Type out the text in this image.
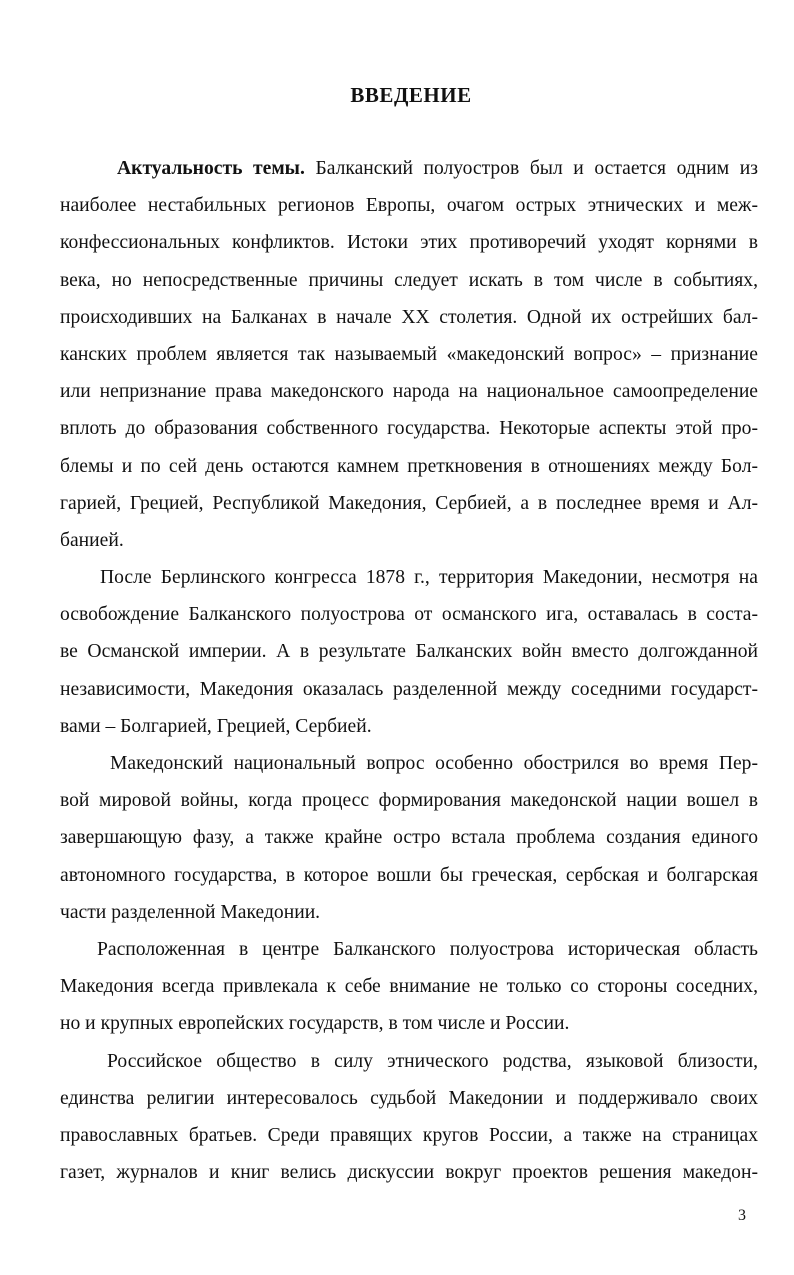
ВВЕДЕНИЕ
Актуальность темы. Балканский полуостров был и остается одним из
наиболее нестабильных регионов Европы, очагом острых этнических и меж-
конфессиональных конфликтов. Истоки этих противоречий уходят корнями в
века, но непосредственные причины следует искать в том числе в событиях,
происходивших на Балканах в начале XX столетия. Одной их острейших бал-
канских проблем является так называемый «македонский вопрос» – признание
или непризнание права македонского народа на национальное самоопределение
вплоть до образования собственного государства. Некоторые аспекты этой про-
блемы и по сей день остаются камнем преткновения в отношениях между Бол-
гарией, Грецией, Республикой Македония, Сербией, а в последнее время и Ал-
банией.
После Берлинского конгресса 1878 г., территория Македонии, несмотря на
освобождение Балканского полуострова от османского ига, оставалась в соста-
ве Османской империи. А в результате Балканских войн вместо долгожданной
независимости, Македония оказалась разделенной между соседними государст-
вами – Болгарией, Грецией, Сербией.
Македонский национальный вопрос особенно обострился во время Пер-
вой мировой войны, когда процесс формирования македонской нации вошел в
завершающую фазу, а также крайне остро встала проблема создания единого
автономного государства, в которое вошли бы греческая, сербская и болгарская
части разделенной Македонии.
Расположенная в центре Балканского полуострова историческая область
Македония всегда привлекала к себе внимание не только со стороны соседних,
но и крупных европейских государств, в том числе и России.
Российское общество в силу этнического родства, языковой близости,
единства религии интересовалось судьбой Македонии и поддерживало своих
православных братьев. Среди правящих кругов России, а также на страницах
газет, журналов и книг велись дискуссии вокруг проектов решения македон-
3
